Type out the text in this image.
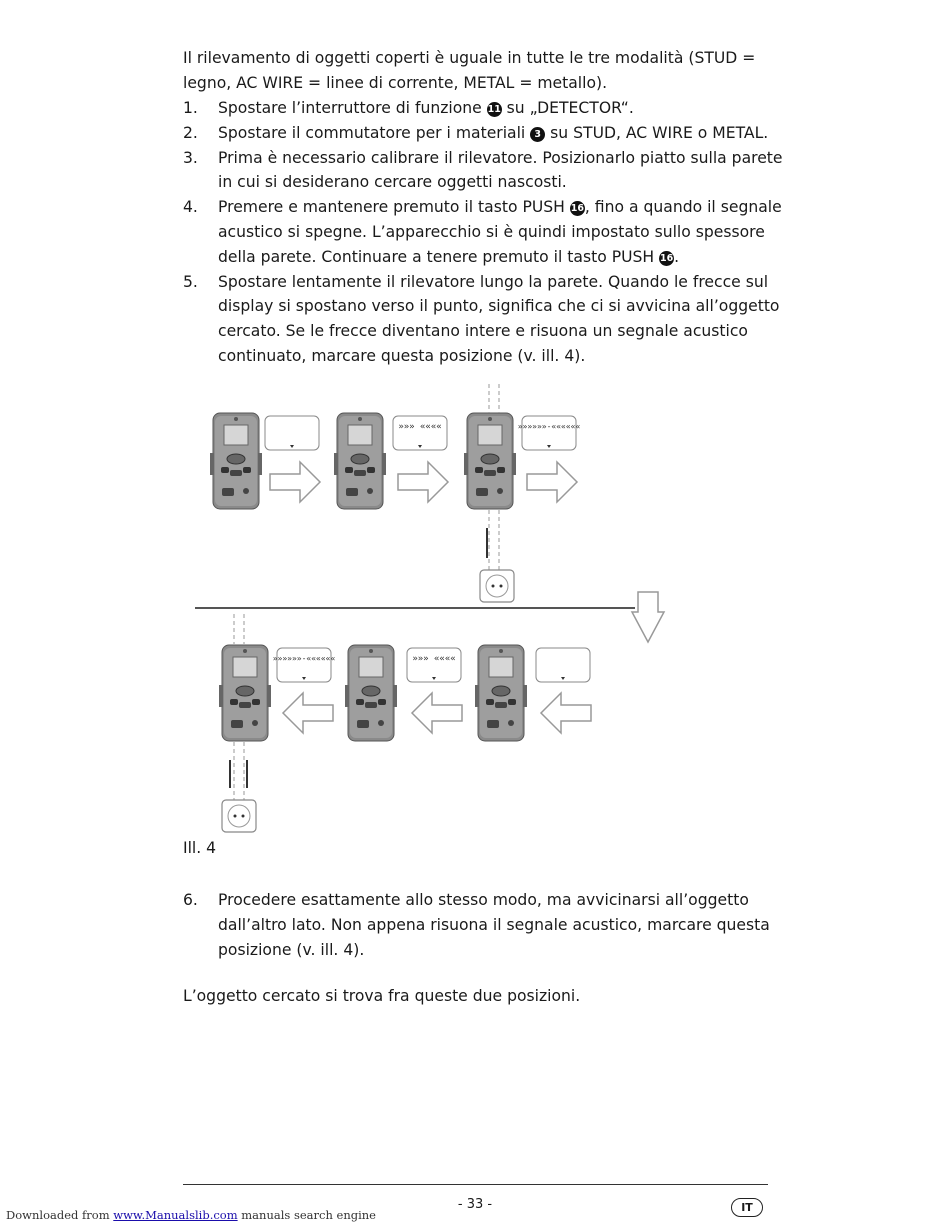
Il rilevamento di oggetti coperti è uguale in tutte le tre modalità (STUD = legno, AC WIRE = linee di corrente, METAL = metallo).
1.	Spostare l’interruttore di funzione 11 su „DETECTOR“.
2.	Spostare il commutatore per i materiali 3 su STUD, AC WIRE o METAL.
3.	Prima è necessario calibrare il rilevatore. Posizionarlo piatto sulla parete in cui si desiderano cercare oggetti nascosti.
4.	Premere e mantenere premuto il tasto PUSH 16, fino a quando il segnale acustico si spegne. L’apparecchio si è quindi impostato sullo spessore della parete. Continuare a tenere premuto il tasto PUSH 16.
5.	Spostare lentamente il rilevatore lungo la parete. Quando le frecce sul display si spostano verso il punto, significa che ci si avvicina all’oggetto cercato. Se le frecce diventano intere e risuona un segnale acustico continuato, marcare questa posizione (v. ill. 4).
»»» ««««	»»»»»»-««««««
»»»»»»-««««««	»»» ««««
Ill. 4
6.	Procedere esattamente allo stesso modo, ma avvicinarsi all’oggetto dall’altro lato. Non appena risuona il segnale acustico, marcare questa posizione (v. ill. 4).
L’oggetto cercato si trova fra queste due posizioni.
- 33 -	IT
Downloaded from www.Manualslib.com manuals search engine
